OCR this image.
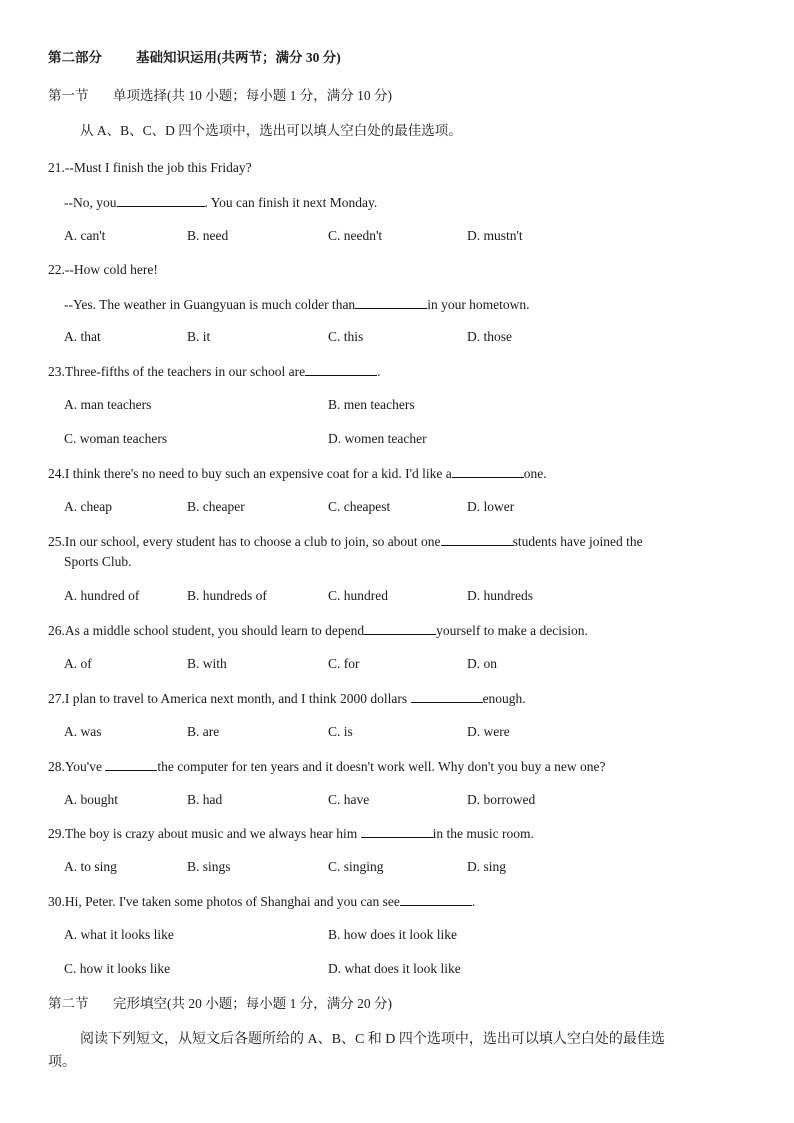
第二部分	基础知识运用(共两节；满分 30 分)
第一节 单项选择(共 10 小题；每小题 1 分，满分 10 分)
从 A、B、C、D 四个选项中，选出可以填人空白处的最佳选项。
21.--Must I finish the job this Friday?
--No, you	. You can finish it next Monday.
A. can't	B. need	C. needn't	D. mustn't
22.--How cold here!
--Yes. The weather in Guangyuan is much colder than	in your hometown.
A. that	B. it	C. this	D. those
23.Three-fifths of the teachers in our school are	.
A. man teachers	B. men teachers
C. woman teachers	D. women teacher
24.I think there's no need to buy such an expensive coat for a kid. I'd like a	one.
A. cheap	B. cheaper	C. cheapest	D. lower
25.In our school, every student has to choose a club to join, so about one	students have joined the
Sports Club.
A. hundred of	B. hundreds of	C. hundred	D. hundreds
26.As a middle school student, you should learn to depend	yourself to make a decision.
A. of	B. with	C. for	D. on
27.I plan to travel to America next month, and I think 2000 dollars	enough.
A. was	B. are	C. is	D. were
28.You've	the computer for ten years and it doesn't work well. Why don't you buy a new one?
A. bought	B. had	C. have	D. borrowed
29.The boy is crazy about music and we always hear him	in the music room.
A. to sing	B. sings	C. singing	D. sing
30.Hi, Peter. I've taken some photos of Shanghai and you can see	.
A. what it looks like	B. how does it look like
C. how it looks like	D. what does it look like
第二节 完形填空(共 20 小题；每小题 1 分，满分 20 分)
阅读下列短文，从短文后各题所给的 A、B、C 和 D 四个选项中，选出可以填人空白处的最佳选
项。
